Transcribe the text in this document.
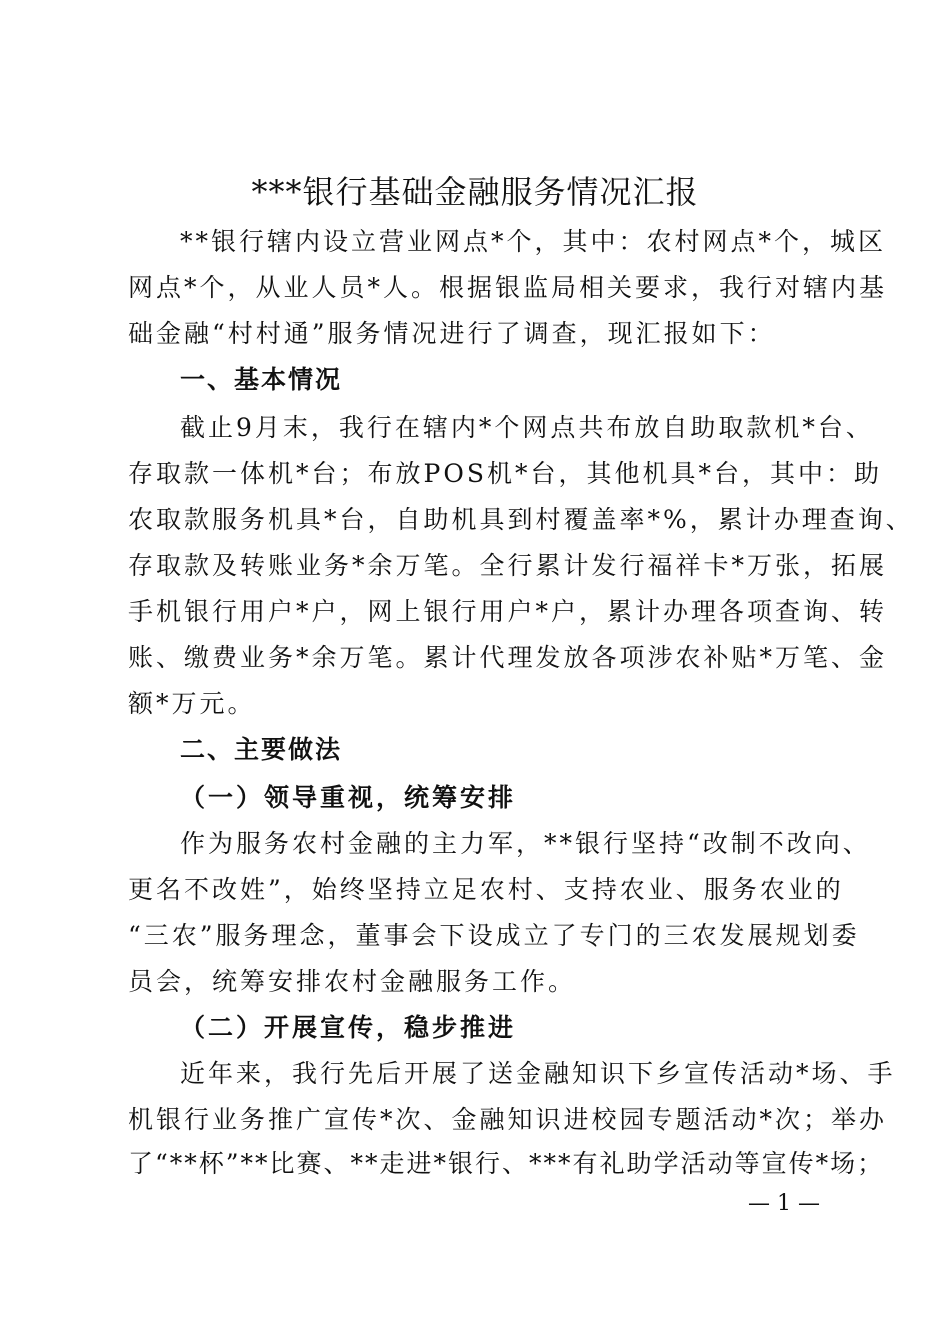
***银行基础金融服务情况汇报
**银行辖内设立营业网点*个，其中：农村网点*个，城区
网点*个，从业人员*人。根据银监局相关要求，我行对辖内基
础金融“村村通”服务情况进行了调查，现汇报如下：
一、基本情况
截止9月末，我行在辖内*个网点共布放自助取款机*台、
存取款一体机*台；布放POS机*台，其他机具*台，其中：助
农取款服务机具*台，自助机具到村覆盖率*%，累计办理查询、
存取款及转账业务*余万笔。全行累计发行福祥卡*万张，拓展
手机银行用户*户，网上银行用户*户，累计办理各项查询、转
账、缴费业务*余万笔。累计代理发放各项涉农补贴*万笔、金
额*万元。
二、主要做法
（一）领导重视，统筹安排
作为服务农村金融的主力军，**银行坚持“改制不改向、
更名不改姓”，始终坚持立足农村、支持农业、服务农业的
“三农”服务理念，董事会下设成立了专门的三农发展规划委
员会，统筹安排农村金融服务工作。
（二）开展宣传，稳步推进
近年来，我行先后开展了送金融知识下乡宣传活动*场、手
机银行业务推广宣传*次、金融知识进校园专题活动*次；举办
了“**杯”**比赛、**走进*银行、***有礼助学活动等宣传*场；
— 1 —
